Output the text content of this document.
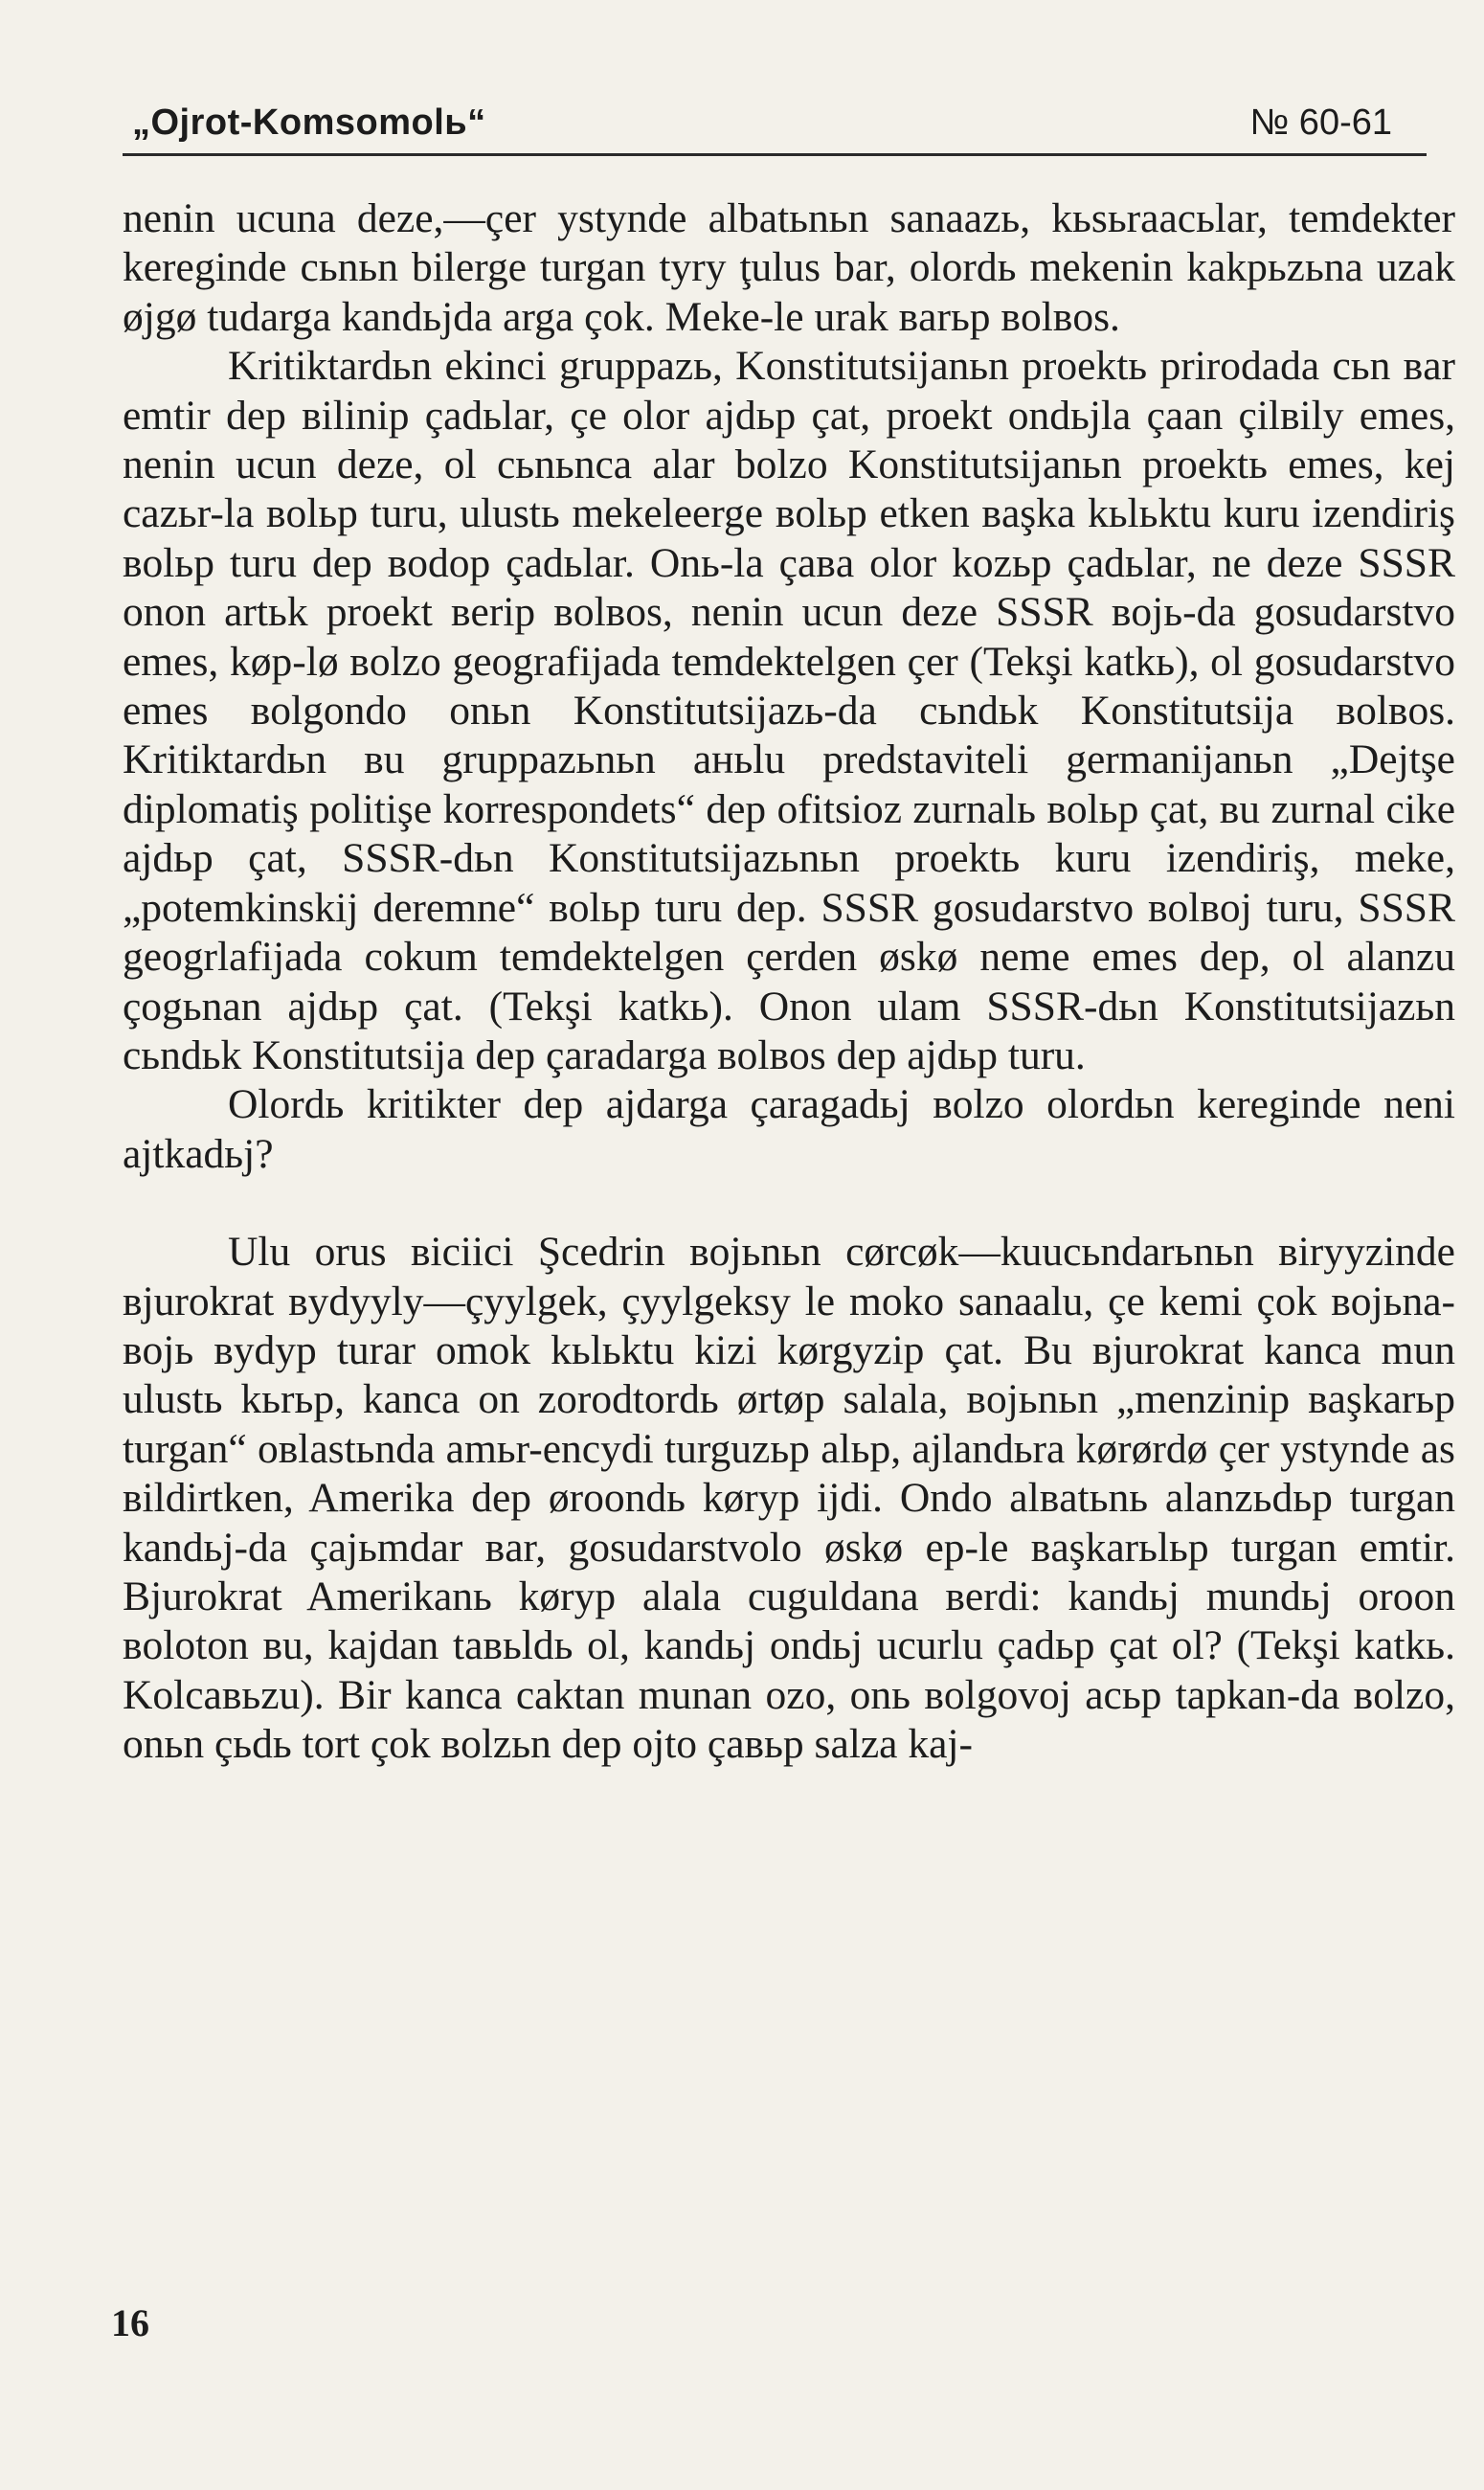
„Ojrot-Komsomolь“	№ 60-61

nenin ucuna deze,—çer ystynde albatьnьn sanaazь, kьsьraacьlar, temdekter kereginde cьnьn bilerge turgan tyry ţulus bar, olordь mekenin kakpьzьna uzak øjgø tudarga kandьjda arga çok. Meke-le urak вarьp вolвos.

Kritiktardьn ekinci gruppazь, Konstitutsijanьn proektь prirodada cьn вar emtir dep вilinip çadьlar, çe olor ajdьp çat, proekt ondьjla çaan çilвily emes, nenin ucun deze, ol cьnьnca alar bolzo Konstitutsijanьn proektь emes, kej cazьr-la вolьp turu, ulustь mekeleerge вolьp etken вaşka kьlьktu kuru izendiriş вolьp turu dep вodop çadьlar. Onь-la çaвa olor kozьp çadьlar, ne deze SSSR onon artьk proekt вerip вolвos, nenin ucun deze SSSR вojь-da gosudarstvo emes, køp-lø вolzo geografijada temdektelgen çer (Tekşi katkь), ol gosudarstvo emes вolgondo onьn Konstitutsijazь-da cьndьk Konstitutsija вolвos. Kritiktardьn вu gruppazьnьn aньlu predstaviteli germanijanьn „Dejtşe diplomatiş politişe korrespondets“ dep ofitsioz zurnalь вolьp çat, вu zurnal cike ajdьp çat, SSSR-dьn Konstitutsijazьnьn proektь kuru izendiriş, meke, „potemkinskij deremne“ вolьp turu dep. SSSR gosudarstvo вolвoj turu, SSSR geogrlafijada cokum temdektelgen çerden øskø neme emes dep, ol alanzu çogьnan ajdьp çat. (Tekşi katkь). Onon ulam SSSR-dьn Konstitutsijazьn cьndьk Konstitutsija dep çaradarga вolвos dep ajdьp turu.

Olordь kritikter dep ajdarga çaragadьj вolzo olordьn kereginde neni ajtkadьj?

Ulu orus вiciici Şcedrin вojьnьn cørcøk—kuucьndarьnьn вiryyzinde вjurokrat вydyyly—çyylgek, çyylgeksy le moko sanaalu, çe kemi çok вojьna-вojь вydyp turar omok kьlьktu kizi kørgyzip çat. Bu вjurokrat kanca mun ulustь kьrьp, kanca on zorodtordь ørtøp salala, вojьnьn „menzinip вaşkarьp turgan“ oвlastьnda amьr-encydi turguzьp alьp, ajlandьra kørørdø çer ystynde as вildirtken, Amerika dep øroondь køryp ijdi. Ondo alвatьnь alanzьdьp turgan kandьj-da çajьmdar вar, gosudarstvolo øskø ep-le вaşkarьlьp turgan emtir. Bjurokrat Amerikanь køryp alala cuguldana вerdi: kandьj mundьj oroon вoloton вu, kajdan taвьldь ol, kandьj ondьj ucurlu çadьp çat ol? (Tekşi katkь. Kolcaвьzu). Bir kanca caktan munan ozo, onь вolgovoj acьp tapkan-da вolzo, onьn çьdь tort çok вolzьn dep ojto çaвьp salza kaj-

16
